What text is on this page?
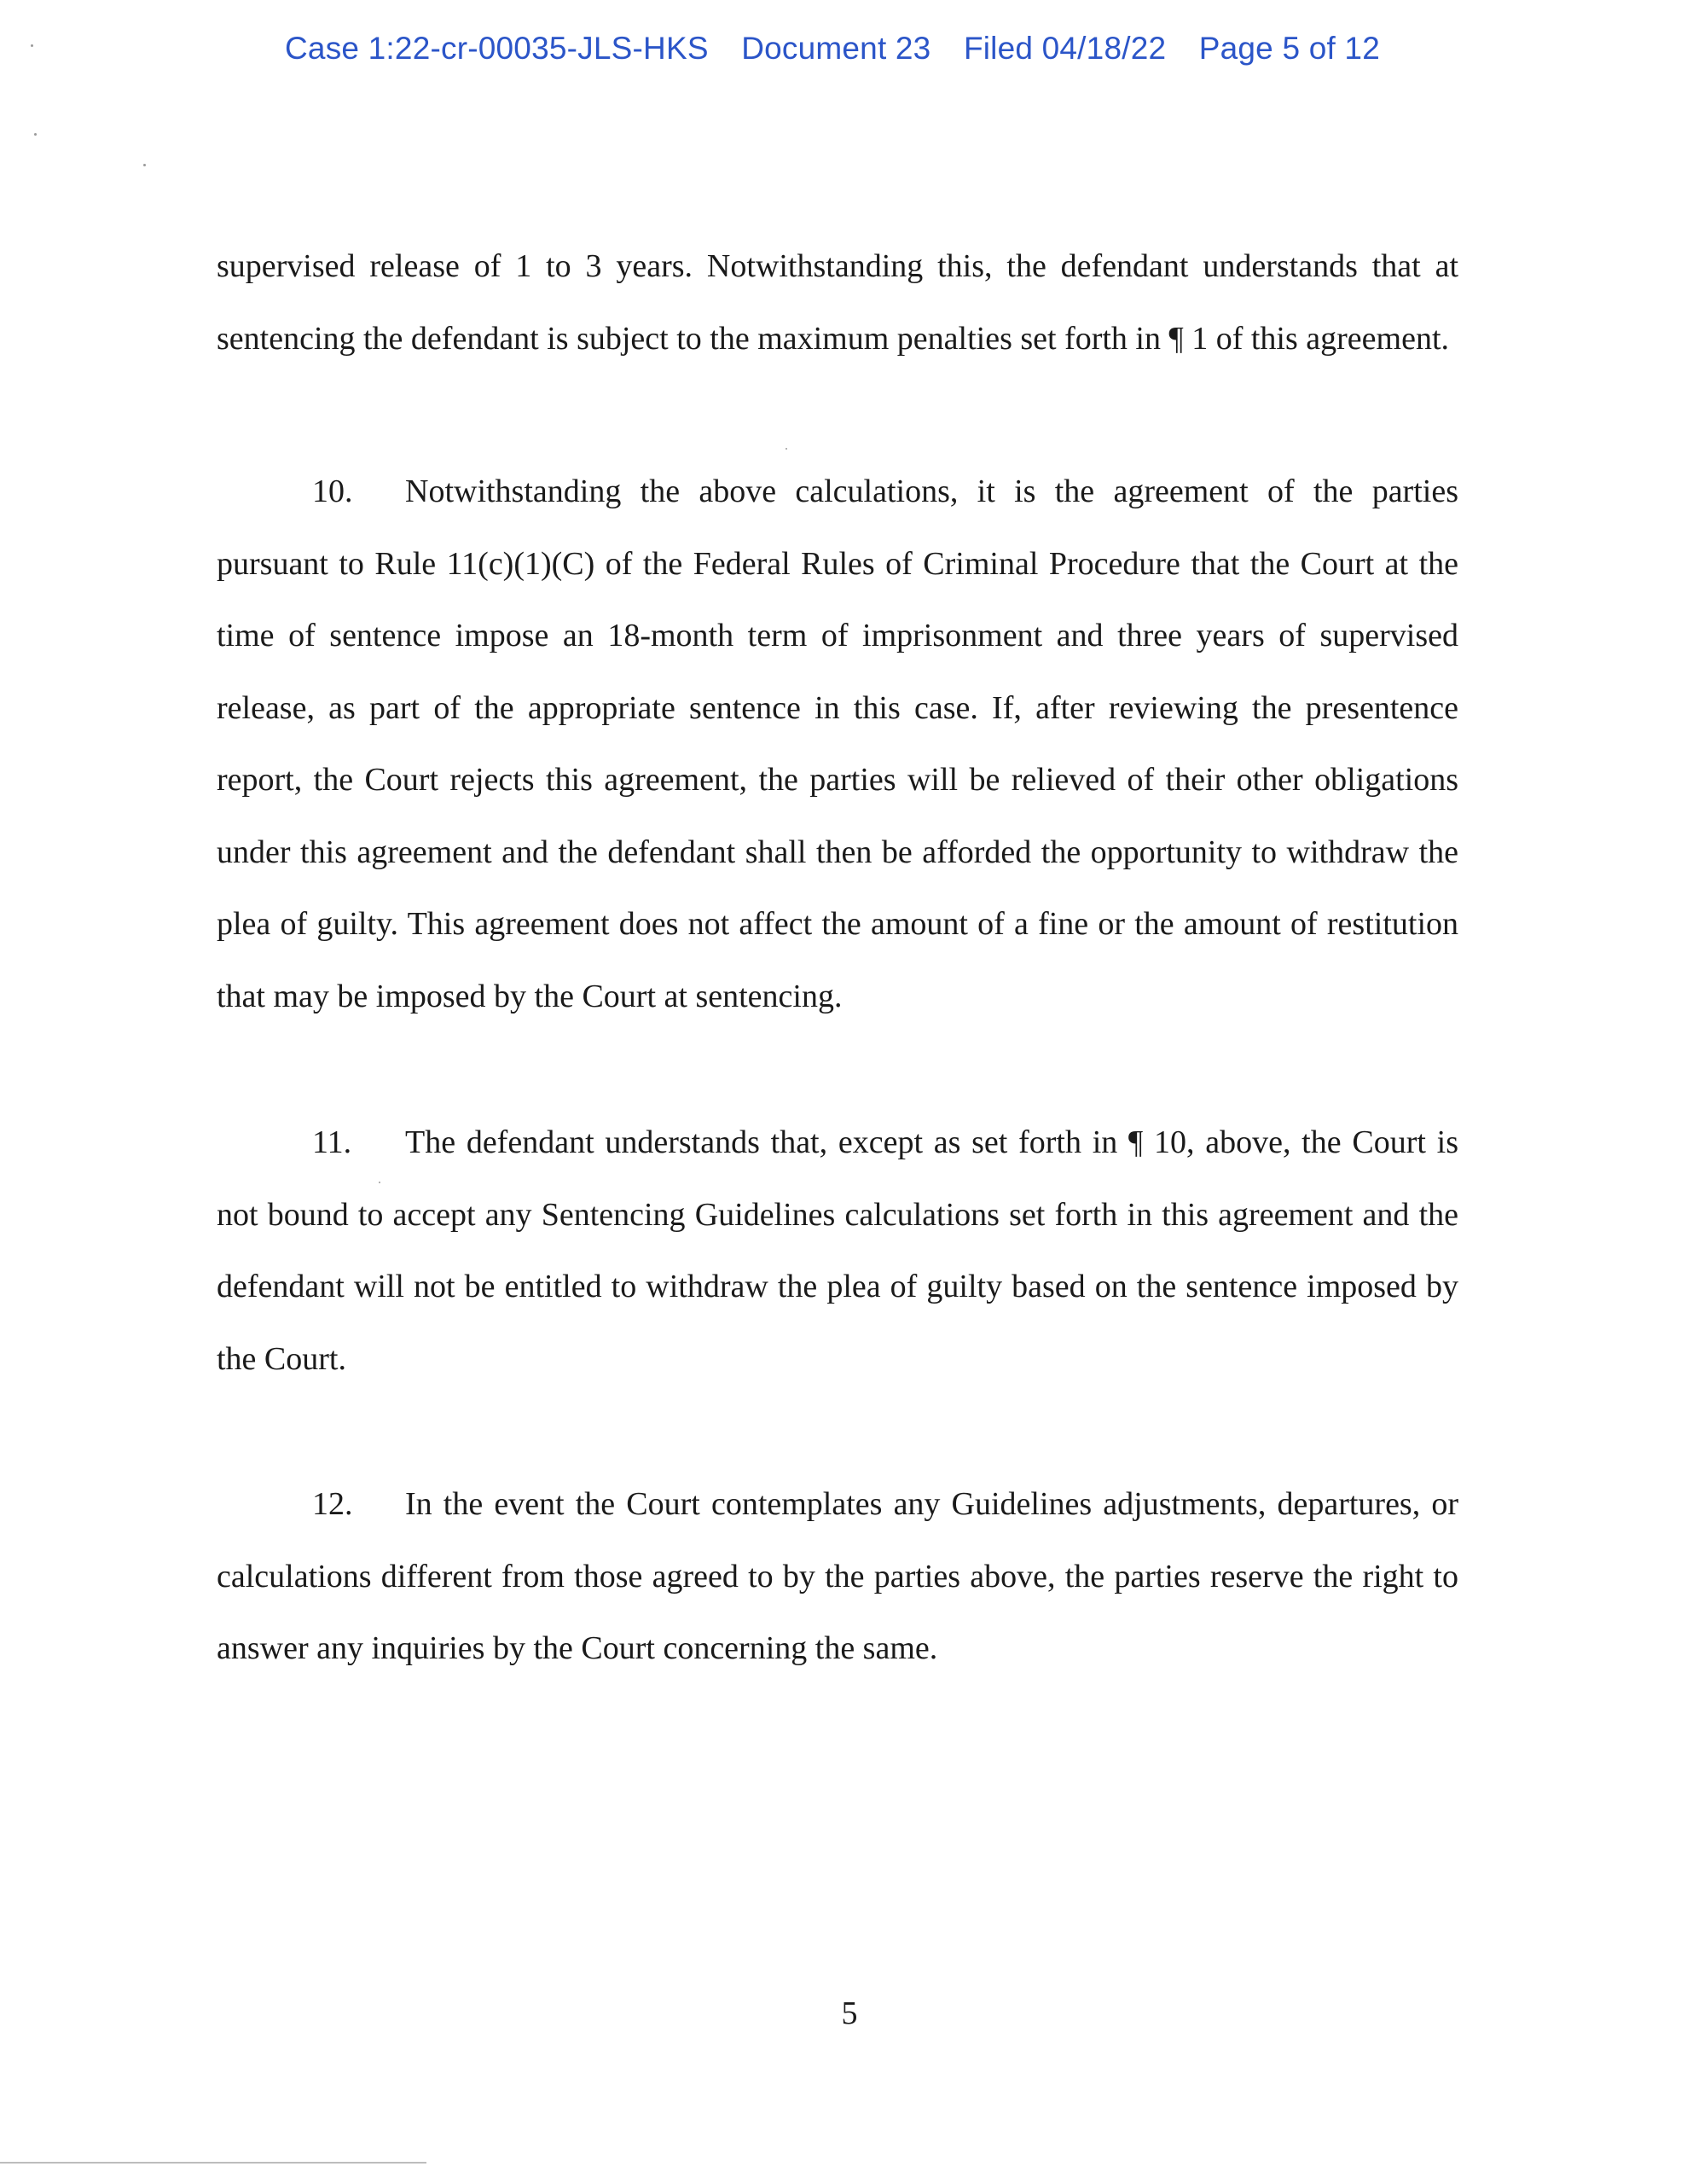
Case 1:22-cr-00035-JLS-HKS Document 23 Filed 04/18/22 Page 5 of 12

supervised release of 1 to 3 years. Notwithstanding this, the defendant understands that at sentencing the defendant is subject to the maximum penalties set forth in ¶ 1 of this agreement.

10. Notwithstanding the above calculations, it is the agreement of the parties pursuant to Rule 11(c)(1)(C) of the Federal Rules of Criminal Procedure that the Court at the time of sentence impose an 18-month term of imprisonment and three years of supervised release, as part of the appropriate sentence in this case. If, after reviewing the presentence report, the Court rejects this agreement, the parties will be relieved of their other obligations under this agreement and the defendant shall then be afforded the opportunity to withdraw the plea of guilty. This agreement does not affect the amount of a fine or the amount of restitution that may be imposed by the Court at sentencing.

11. The defendant understands that, except as set forth in ¶ 10, above, the Court is not bound to accept any Sentencing Guidelines calculations set forth in this agreement and the defendant will not be entitled to withdraw the plea of guilty based on the sentence imposed by the Court.

12. In the event the Court contemplates any Guidelines adjustments, departures, or calculations different from those agreed to by the parties above, the parties reserve the right to answer any inquiries by the Court concerning the same.

5
